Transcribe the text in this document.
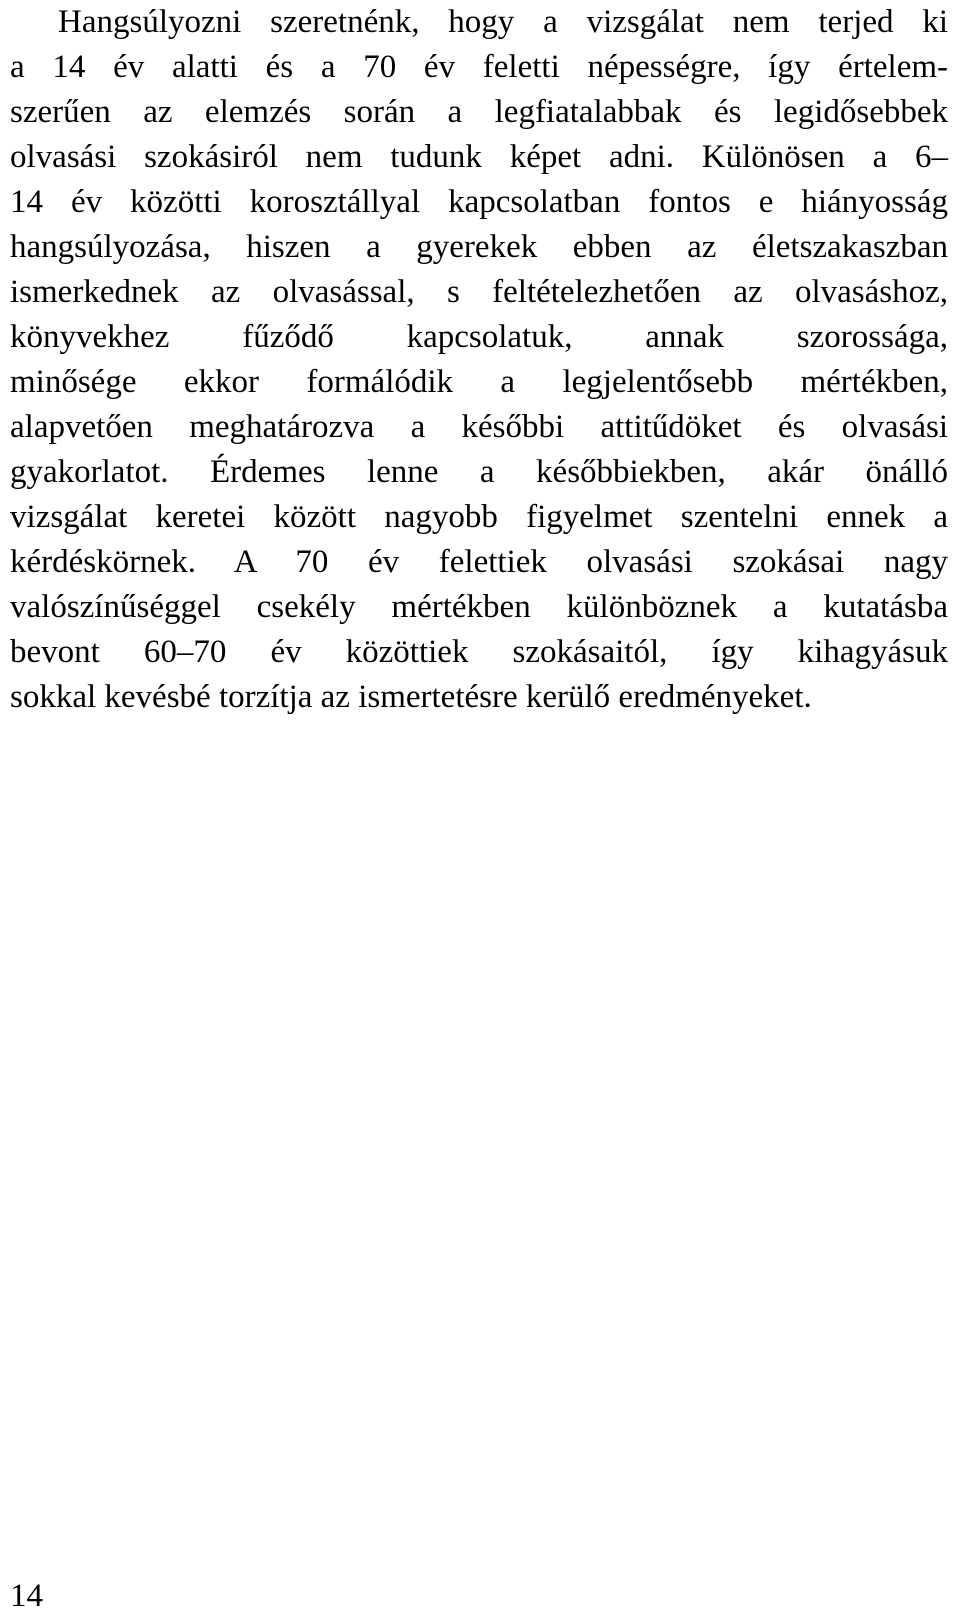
Hangsúlyozni szeretnénk, hogy a vizsgálat nem terjed ki
a 14 év alatti és a 70 év feletti népességre, így értelem-
szerűen az elemzés során a legfiatalabbak és legidősebbek
olvasási szokásiról nem tudunk képet adni. Különösen a 6–
14 év közötti korosztállyal kapcsolatban fontos e hiányosság
hangsúlyozása, hiszen a gyerekek ebben az életszakaszban
ismerkednek az olvasással, s feltételezhetően az olvasáshoz,
könyvekhez fűződő kapcsolatuk, annak szorossága,
minősége ekkor formálódik a legjelentősebb mértékben,
alapvetően meghatározva a későbbi attitűdöket és olvasási
gyakorlatot. Érdemes lenne a későbbiekben, akár önálló
vizsgálat keretei között nagyobb figyelmet szentelni ennek a
kérdéskörnek. A 70 év felettiek olvasási szokásai nagy
valószínűséggel csekély mértékben különböznek a kutatásba
bevont 60–70 év közöttiek szokásaitól, így kihagyásuk
sokkal kevésbé torzítja az ismertetésre kerülő eredményeket.
14
